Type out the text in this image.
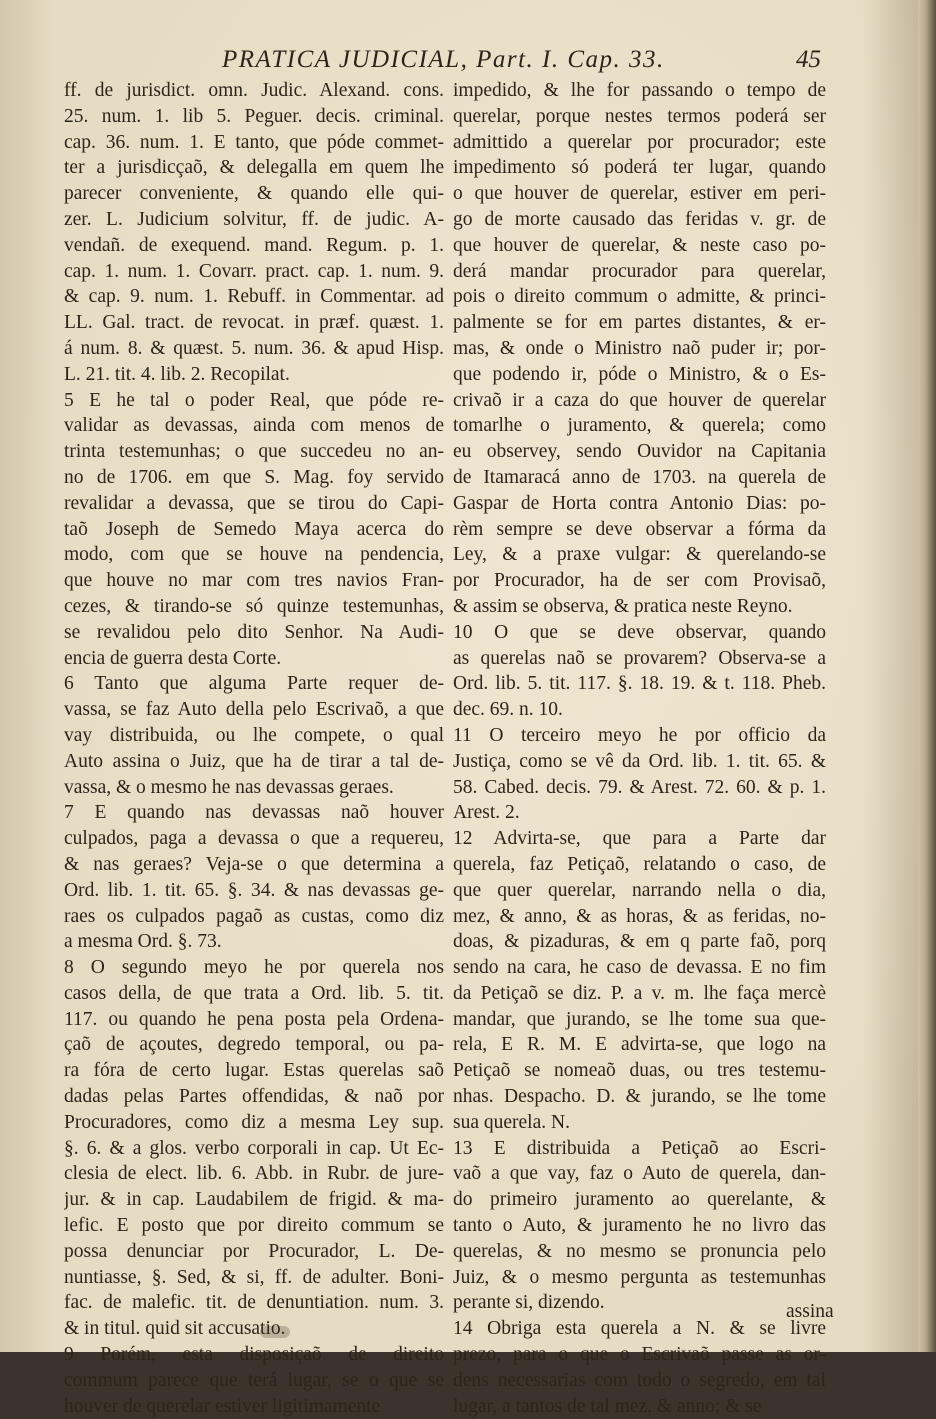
PRATICA JUDICIAL, Part. I. Cap. 33.	45
ff. de jurisdict. omn. Judic. Alexand. cons.
25. num. 1. lib 5. Peguer. decis. criminal.
cap. 36. num. 1. E tanto, que póde commet-
ter a jurisdicçaõ, & delegalla em quem lhe
parecer conveniente, & quando elle qui-
zer. L. Judicium solvitur, ff. de judic. A-
vendañ. de exequend. mand. Regum. p. 1.
cap. 1. num. 1. Covarr. pract. cap. 1. num. 9.
& cap. 9. num. 1. Rebuff. in Commentar. ad
LL. Gal. tract. de revocat. in præf. quæst. 1.
á num. 8. & quæst. 5. num. 36. & apud Hisp.
L. 21. tit. 4. lib. 2. Recopilat.
5 E he tal o poder Real, que póde re-
validar as devassas, ainda com menos de
trinta testemunhas; o que succedeu no an-
no de 1706. em que S. Mag. foy servido
revalidar a devassa, que se tirou do Capi-
taõ Joseph de Semedo Maya acerca do
modo, com que se houve na pendencia,
que houve no mar com tres navios Fran-
cezes, & tirando-se só quinze testemunhas,
se revalidou pelo dito Senhor. Na Audi-
encia de guerra desta Corte.
6 Tanto que alguma Parte requer de-
vassa, se faz Auto della pelo Escrivaõ, a que
vay distribuida, ou lhe compete, o qual
Auto assina o Juiz, que ha de tirar a tal de-
vassa, & o mesmo he nas devassas geraes.
7 E quando nas devassas naõ houver
culpados, paga a devassa o que a requereu,
& nas geraes? Veja-se o que determina a
Ord. lib. 1. tit. 65. §. 34. & nas devassas ge-
raes os culpados pagaõ as custas, como diz
a mesma Ord. §. 73.
8 O segundo meyo he por querela nos
casos della, de que trata a Ord. lib. 5. tit.
117. ou quando he pena posta pela Ordena-
çaõ de açoutes, degredo temporal, ou pa-
ra fóra de certo lugar. Estas querelas saõ
dadas pelas Partes offendidas, & naõ por
Procuradores, como diz a mesma Ley sup.
§. 6. & a glos. verbo corporali in cap. Ut Ec-
clesia de elect. lib. 6. Abb. in Rubr. de jure-
jur. & in cap. Laudabilem de frigid. & ma-
lefic. E posto que por direito commum se
possa denunciar por Procurador, L. De-
nuntiasse, §. Sed, & si, ff. de adulter. Boni-
fac. de malefic. tit. de denuntiation. num. 3.
& in titul. quid sit accusatio.
9 Porém, esta disposiçaõ de direito
commum parece que terá lugar, se o que se
houver de querelar estiver ligitimamente
impedido, & lhe for passando o tempo de
querelar, porque nestes termos poderá ser
admittido a querelar por procurador; este
impedimento só poderá ter lugar, quando
o que houver de querelar, estiver em peri-
go de morte causado das feridas v. gr. de
que houver de querelar, & neste caso po-
derá mandar procurador para querelar,
pois o direito commum o admitte, & princi-
palmente se for em partes distantes, & er-
mas, & onde o Ministro naõ puder ir; por-
que podendo ir, póde o Ministro, & o Es-
crivaõ ir a caza do que houver de querelar
tomarlhe o juramento, & querela; como
eu observey, sendo Ouvidor na Capitania
de Itamaracá anno de 1703. na querela de
Gaspar de Horta contra Antonio Dias: po-
rèm sempre se deve observar a fórma da
Ley, & a praxe vulgar: & querelando-se
por Procurador, ha de ser com Provisaõ,
& assim se observa, & pratica neste Reyno.
10 O que se deve observar, quando
as querelas naõ se provarem? Observa-se a
Ord. lib. 5. tit. 117. §. 18. 19. & t. 118. Pheb.
dec. 69. n. 10.
11 O terceiro meyo he por officio da
Justiça, como se vê da Ord. lib. 1. tit. 65. &
58. Cabed. decis. 79. & Arest. 72. 60. & p. 1.
Arest. 2.
12 Advirta-se, que para a Parte dar
querela, faz Petiçaõ, relatando o caso, de
que quer querelar, narrando nella o dia,
mez, & anno, & as horas, & as feridas, no-
doas, & pizaduras, & em q parte faõ, porq
sendo na cara, he caso de devassa. E no fim
da Petiçaõ se diz. P. a v. m. lhe faça mercè
mandar, que jurando, se lhe tome sua que-
rela, E R. M. E advirta-se, que logo na
Petiçaõ se nomeaõ duas, ou tres testemu-
nhas. Despacho. D. & jurando, se lhe tome
sua querela. N.
13 E distribuida a Petiçaõ ao Escri-
vaõ a que vay, faz o Auto de querela, dan-
do primeiro juramento ao querelante, &
tanto o Auto, & juramento he no livro das
querelas, & no mesmo se pronuncia pelo
Juiz, & o mesmo pergunta as testemunhas
perante si, dizendo.
14 Obriga esta querela a N. & se livre
prezo, para o que o Escrivaõ passe as or-
dens necessarias com todo o segredo, em tal
lugar, a tantos de tal mez, & anno; & se
assina
